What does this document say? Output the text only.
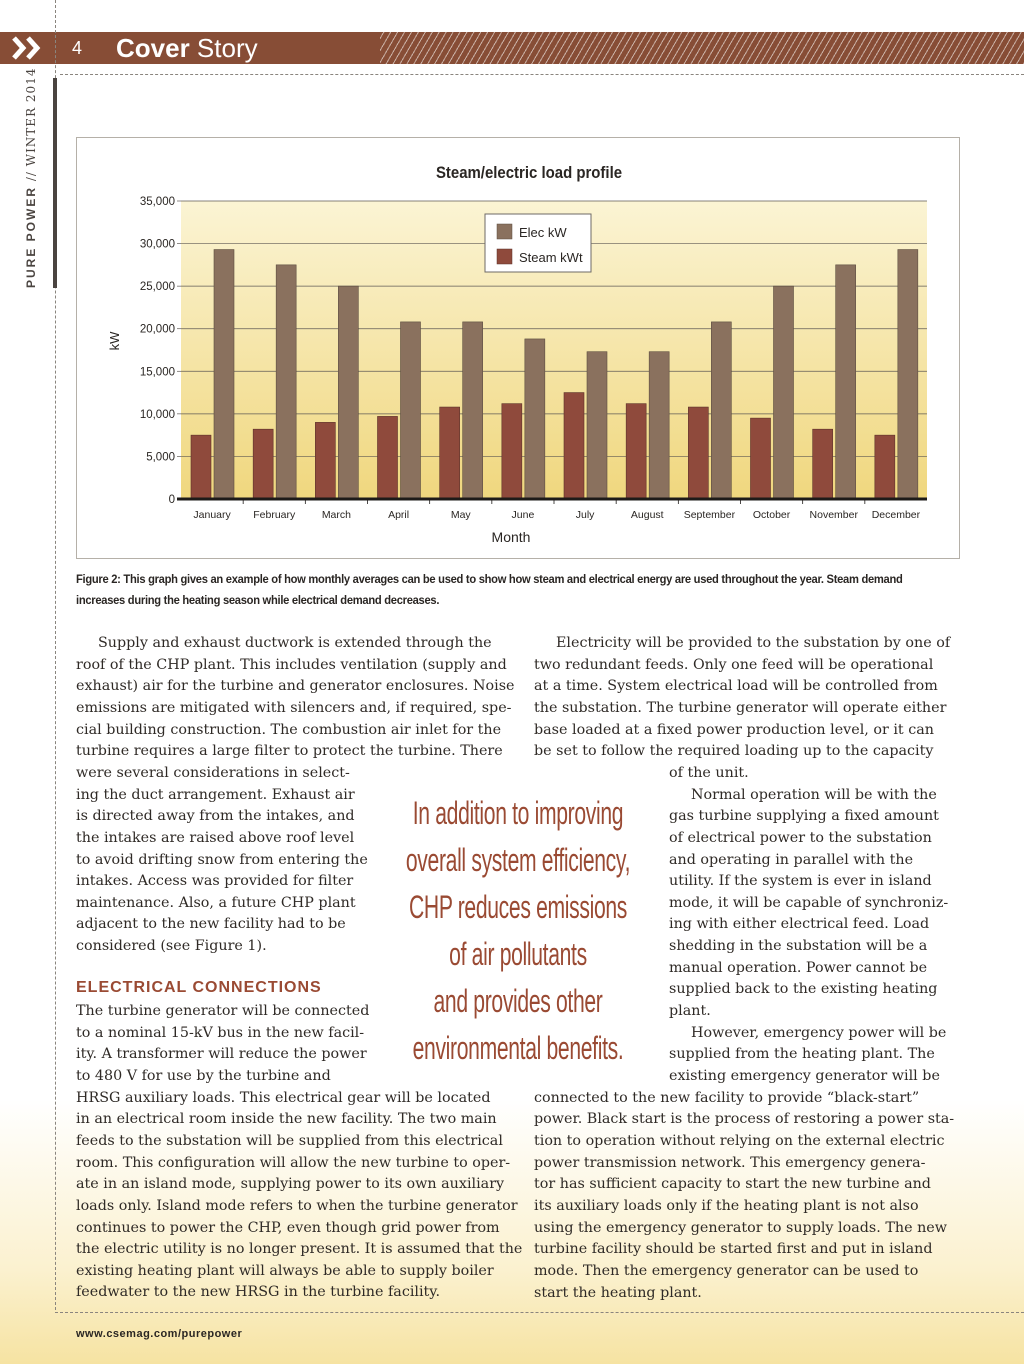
4 Cover Story
PURE POWER // WINTER 2014
Steam/electric load profile
0
5,000
10,000
15,000
20,000
25,000
30,000
35,000
January February	March	April	May	June	July	August September October November December
kW
Month
Elec kW
Steam kWt
Figure 2: This graph gives an example of how monthly averages can be used to show how steam and electrical energy are used throughout the year. Steam demand increases during the heating season while electrical demand decreases.
Supply and exhaust ductwork is extended through the
roof of the CHP plant. This includes ventilation (supply and
exhaust) air for the turbine and generator enclosures. Noise
emissions are mitigated with silencers and, if required, spe-
cial building construction. The combustion air inlet for the
turbine requires a large filter to protect the turbine. There
were several considerations in select-
ing the duct arrangement. Exhaust air
is directed away from the intakes, and
the intakes are raised above roof level
to avoid drifting snow from entering the
intakes. Access was provided for filter
maintenance. Also, a future CHP plant
adjacent to the new facility had to be
considered (see Figure 1).
The turbine generator will be connected
to a nominal 15-kV bus in the new facil-
ity. A transformer will reduce the power
to 480 V for use by the turbine and
HRSG auxiliary loads. This electrical gear will be located
in an electrical room inside the new facility. The two main
feeds to the substation will be supplied from this electrical
room. This configuration will allow the new turbine to oper-
ate in an island mode, supplying power to its own auxiliary
loads only. Island mode refers to when the turbine generator
continues to power the CHP, even though grid power from
the electric utility is no longer present. It is assumed that the
existing heating plant will always be able to supply boiler
feedwater to the new HRSG in the turbine facility.
ELECTRICAL CONNECTIONS
In addition to improving
overall system efficiency,
CHP reduces emissions
of air pollutants
and provides other
environmental benefits.
Electricity will be provided to the substation by one of
two redundant feeds. Only one feed will be operational
at a time. System electrical load will be controlled from
the substation. The turbine generator will operate either
base loaded at a fixed power production level, or it can
be set to follow the required loading up to the capacity
of the unit.
Normal operation will be with the
gas turbine supplying a fixed amount
of electrical power to the substation
and operating in parallel with the
utility. If the system is ever in island
mode, it will be capable of synchroniz-
ing with either electrical feed. Load
shedding in the substation will be a
manual operation. Power cannot be
supplied back to the existing heating
plant.
However, emergency power will be
supplied from the heating plant. The
existing emergency generator will be
connected to the new facility to provide “black-start”
power. Black start is the process of restoring a power sta-
tion to operation without relying on the external electric
power transmission network. This emergency genera-
tor has sufficient capacity to start the new turbine and
its auxiliary loads only if the heating plant is not also
using the emergency generator to supply loads. The new
turbine facility should be started first and put in island
mode. Then the emergency generator can be used to
start the heating plant.
www.csemag.com/purepower
